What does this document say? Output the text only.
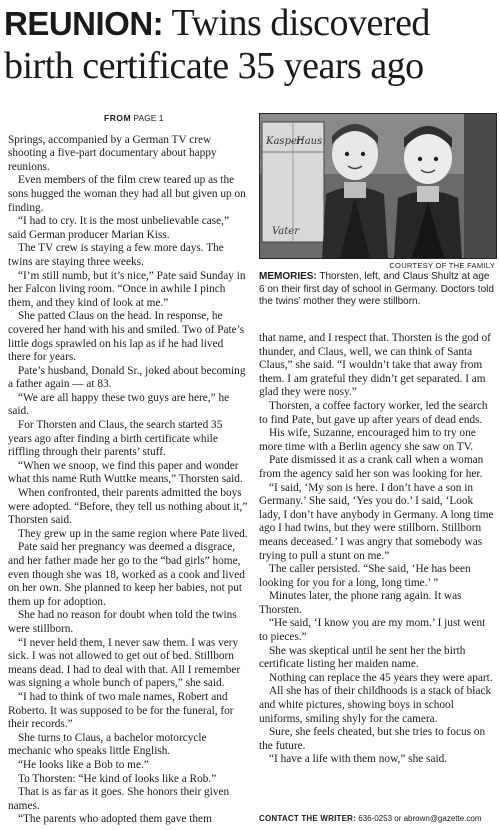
REUNION: Twins discovered birth certificate 35 years ago
FROM PAGE 1

Springs, accompanied by a German TV crew shooting a five-part documentary about happy reunions.

Even members of the film crew teared up as the sons hugged the woman they had all but given up on finding.

“I had to cry. It is the most unbelievable case,” said German producer Marian Kiss.

The TV crew is staying a few more days. The twins are staying three weeks.

“I’m still numb, but it’s nice,” Pate said Sunday in her Falcon living room. “Once in awhile I pinch them, and they kind of look at me.”

She patted Claus on the head. In response, he covered her hand with his and smiled. Two of Pate’s little dogs sprawled on his lap as if he had lived there for years.

Pate’s husband, Donald Sr., joked about becoming a father again — at 83.

“We are all happy these two guys are here,” he said.

For Thorsten and Claus, the search started 35 years ago after finding a birth certificate while riffling through their parents’ stuff.

“When we snoop, we find this paper and wonder what this name Ruth Wuttke means,” Thorsten said.

When confronted, their parents admitted the boys were adopted. “Before, they tell us nothing about it,” Thorsten said.

They grew up in the same region where Pate lived.

Pate said her pregnancy was deemed a disgrace, and her father made her go to the “bad girls” home, even though she was 18, worked as a cook and lived on her own. She planned to keep her babies, not put them up for adoption.

She had no reason for doubt when told the twins were stillborn.

“I never held them, I never saw them. I was very sick. I was not allowed to get out of bed. Stillborn means dead. I had to deal with that. All I remember was signing a whole bunch of papers,” she said.

“I had to think of two male names, Robert and Roberto. It was supposed to be for the funeral, for their records.”

She turns to Claus, a bachelor motorcycle mechanic who speaks little English.

“He looks like a Bob to me.”

To Thorsten: “He kind of looks like a Rob.”

That is as far as it goes. She honors their given names.

“The parents who adopted them gave them

Kasper
Haus
Vater
COURTESY OF THE FAMILY
MEMORIES: Thorsten, left, and Claus Shultz at age 6 on their first day of school in Germany. Doctors told the twins’ mother they were stillborn.

that name, and I respect that. Thorsten is the god of thunder, and Claus, well, we can think of Santa Claus,” she said. “I wouldn’t take that away from them. I am grateful they didn’t get separated. I am glad they were nosy.”

Thorsten, a coffee factory worker, led the search to find Pate, but gave up after years of dead ends.

His wife, Suzanne, encouraged him to try one more time with a Berlin agency she saw on TV.

Pate dismissed it as a crank call when a woman from the agency said her son was looking for her.

“I said, ‘My son is here. I don’t have a son in Germany.’ She said, ‘Yes you do.’ I said, ‘Look lady, I don’t have anybody in Germany. A long time ago I had twins, but they were stillborn. Stillborn means deceased.’ I was angry that somebody was trying to pull a stunt on me.”

The caller persisted. “She said, ‘He has been looking for you for a long, long time.’ ”

Minutes later, the phone rang again. It was Thorsten.

“He said, ‘I know you are my mom.’ I just went to pieces.”

She was skeptical until he sent her the birth certificate listing her maiden name.

Nothing can replace the 45 years they were apart.

All she has of their childhoods is a stack of black and white pictures, showing boys in school uniforms, smiling shyly for the camera.

Sure, she feels cheated, but she tries to focus on the future.

“I have a life with them now,” she said.

CONTACT THE WRITER: 636-0253 or abrown@gazette.com
